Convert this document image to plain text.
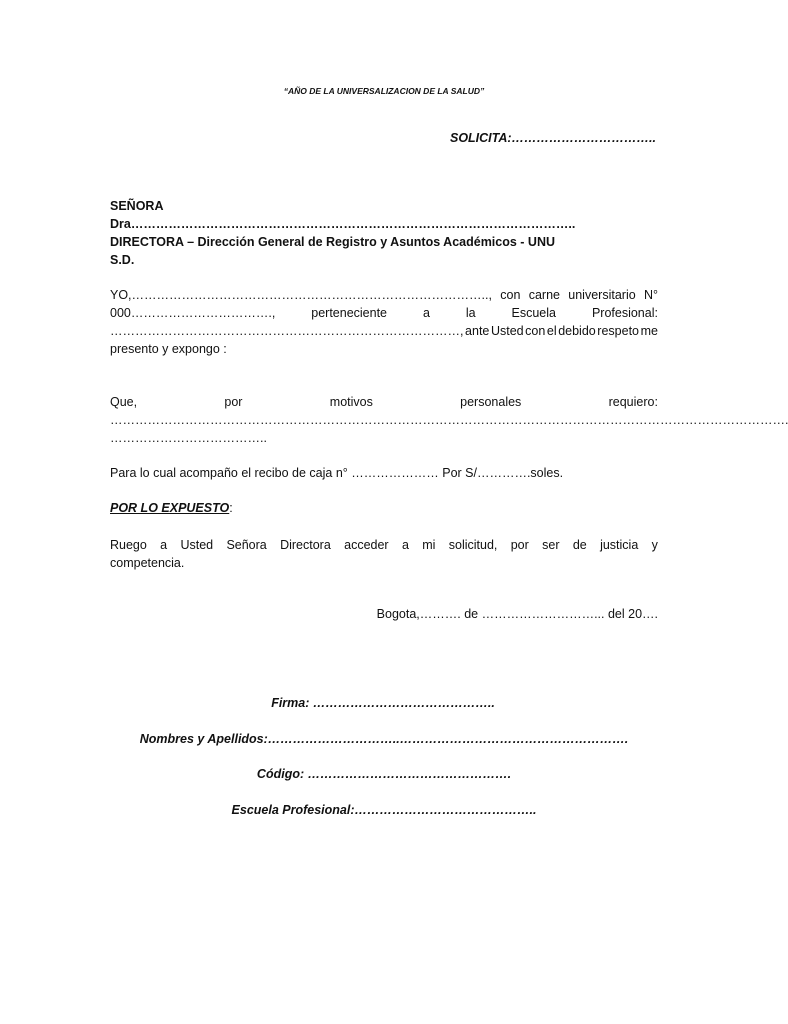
“AÑO DE LA UNIVERSALIZACION DE LA SALUD”
SOLICITA:……………………………..
SEÑORA
Dra……………………………………………………………………………………………..
DIRECTORA – Dirección General de Registro y Asuntos Académicos - UNU
S.D.
YO,………………………………………………………………………….., con carne universitario N°
000…………………………….,	perteneciente	a	la	Escuela	Profesional:
…………………………………………………………………………, ante Usted con el debido respeto me
presento y expongo :
Que,	por	motivos	personales	requiero:
……………………………………………………………………………………………………………………………………………….
………………………………..
Para lo cual acompaño el recibo de caja n° ………………… Por S/………….soles.
POR LO EXPUESTO:
Ruego a Usted Señora Directora acceder a mi solicitud, por ser de justicia y
competencia.
Bogota,………. de ………………………... del 20….
Firma: ……………………………………..
Nombres y Apellidos:…………………………..……………………………………………….
Código: ………………………………………….
Escuela Profesional:……………………………………..
